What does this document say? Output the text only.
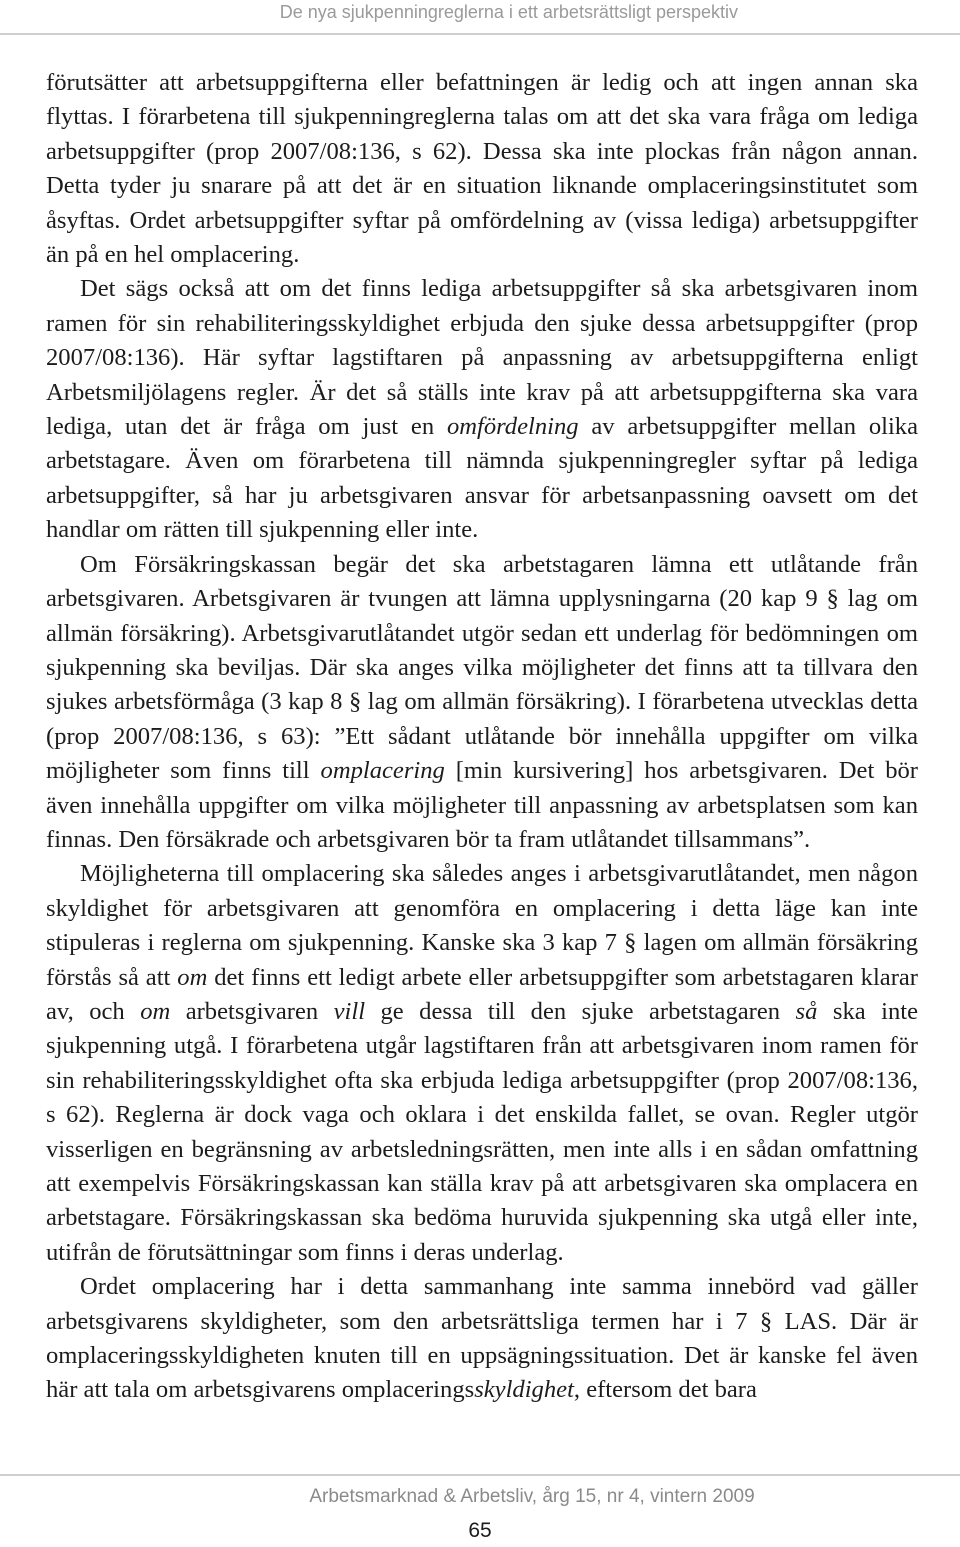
De nya sjukpenningreglerna i ett arbetsrättsligt perspektiv

förutsätter att arbetsuppgifterna eller befattningen är ledig och att ingen annan ska flyttas. I förarbetena till sjukpenningreglerna talas om att det ska vara fråga om lediga arbetsuppgifter (prop 2007/08:136, s 62). Dessa ska inte plockas från någon annan. Detta tyder ju snarare på att det är en situation liknande omplaceringsinstitutet som åsyftas. Ordet arbetsuppgifter syftar på omfördelning av (vissa lediga) arbetsuppgifter än på en hel omplacering.

Det sägs också att om det finns lediga arbetsuppgifter så ska arbetsgivaren inom ramen för sin rehabiliteringsskyldighet erbjuda den sjuke dessa arbetsuppgifter (prop 2007/08:136). Här syftar lagstiftaren på anpassning av arbetsuppgifterna enligt Arbetsmiljölagens regler. Är det så ställs inte krav på att arbetsuppgifterna ska vara lediga, utan det är fråga om just en omfördelning av arbetsuppgifter mellan olika arbetstagare. Även om förarbetena till nämnda sjukpenningregler syftar på lediga arbetsuppgifter, så har ju arbetsgivaren ansvar för arbetsanpassning oavsett om det handlar om rätten till sjukpenning eller inte.

Om Försäkringskassan begär det ska arbetstagaren lämna ett utlåtande från arbetsgivaren. Arbetsgivaren är tvungen att lämna upplysningarna (20 kap 9 § lag om allmän försäkring). Arbetsgivarutlåtandet utgör sedan ett underlag för bedömningen om sjukpenning ska beviljas. Där ska anges vilka möjligheter det finns att ta tillvara den sjukes arbetsförmåga (3 kap 8 § lag om allmän försäkring). I förarbetena utvecklas detta (prop 2007/08:136, s 63): ”Ett sådant utlåtande bör innehålla uppgifter om vilka möjligheter som finns till omplacering [min kursivering] hos arbetsgivaren. Det bör även innehålla uppgifter om vilka möjligheter till anpassning av arbetsplatsen som kan finnas. Den försäkrade och arbetsgivaren bör ta fram utlåtandet tillsammans”.

Möjligheterna till omplacering ska således anges i arbetsgivarutlåtandet, men någon skyldighet för arbetsgivaren att genomföra en omplacering i detta läge kan inte stipuleras i reglerna om sjukpenning. Kanske ska 3 kap 7 § lagen om allmän försäkring förstås så att om det finns ett ledigt arbete eller arbetsuppgifter som arbetstagaren klarar av, och om arbetsgivaren vill ge dessa till den sjuke arbetstagaren så ska inte sjukpenning utgå. I förarbetena utgår lagstiftaren från att arbetsgivaren inom ramen för sin rehabiliteringsskyldighet ofta ska erbjuda lediga arbetsuppgifter (prop 2007/08:136, s 62). Reglerna är dock vaga och oklara i det enskilda fallet, se ovan. Regler utgör visserligen en begränsning av arbetsledningsrätten, men inte alls i en sådan omfattning att exempelvis Försäkringskassan kan ställa krav på att arbetsgivaren ska omplacera en arbetstagare. Försäkringskassan ska bedöma huruvida sjukpenning ska utgå eller inte, utifrån de förutsättningar som finns i deras underlag.

Ordet omplacering har i detta sammanhang inte samma innebörd vad gäller arbetsgivarens skyldigheter, som den arbetsrättsliga termen har i 7 § LAS. Där är omplaceringsskyldigheten knuten till en uppsägningssituation. Det är kanske fel även här att tala om arbetsgivarens omplaceringsskyldighet, eftersom det bara

Arbetsmarknad & Arbetsliv, årg 15, nr 4, vintern 2009
65
